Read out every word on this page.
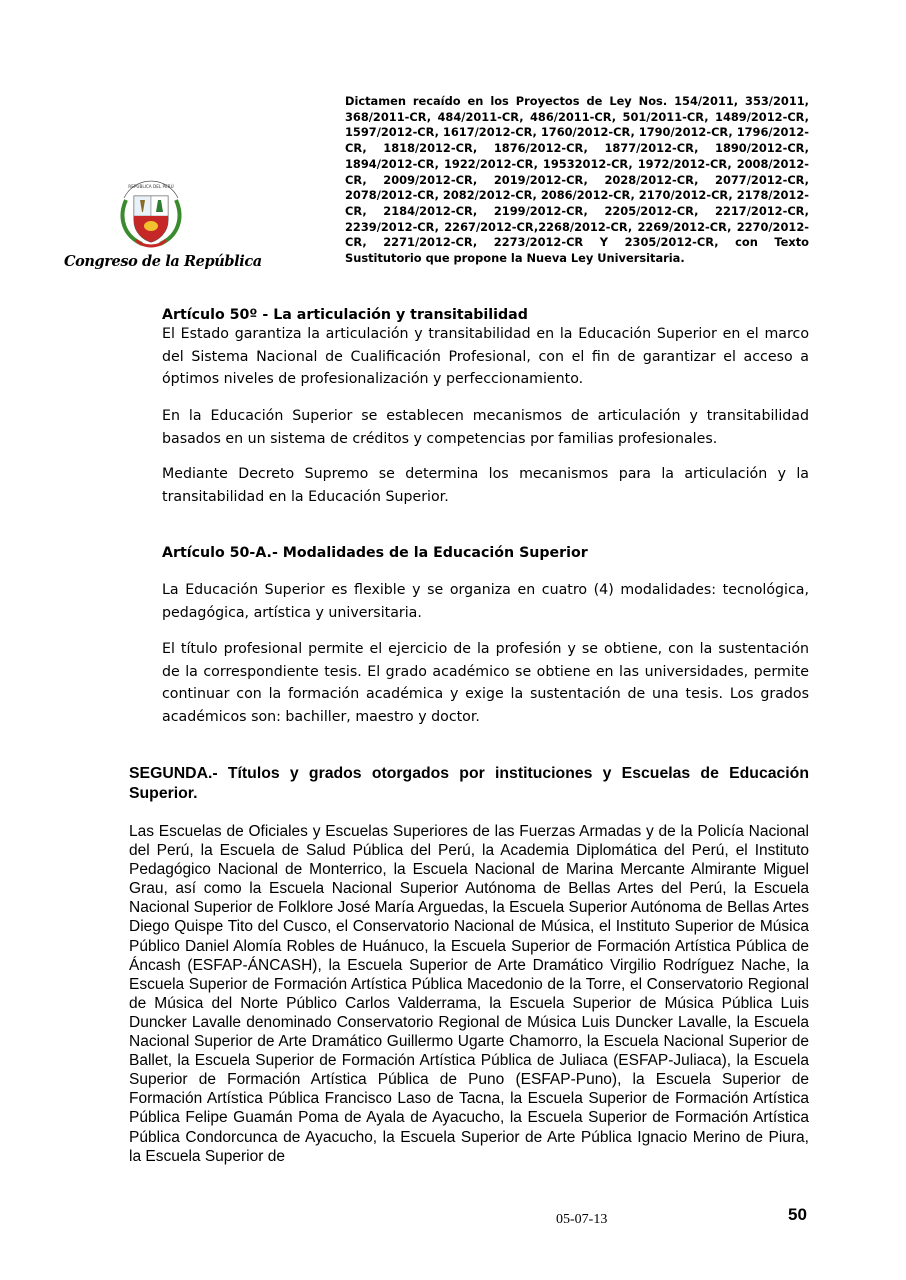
REPÚBLICA DEL PERÚ
Congreso de la República
Dictamen recaído en los Proyectos de Ley Nos. 154/2011, 353/2011, 368/2011-CR, 484/2011-CR, 486/2011-CR, 501/2011-CR, 1489/2012-CR, 1597/2012-CR, 1617/2012-CR, 1760/2012-CR, 1790/2012-CR, 1796/2012-CR, 1818/2012-CR, 1876/2012-CR, 1877/2012-CR, 1890/2012-CR, 1894/2012-CR, 1922/2012-CR, 19532012-CR, 1972/2012-CR, 2008/2012-CR, 2009/2012-CR, 2019/2012-CR, 2028/2012-CR, 2077/2012-CR, 2078/2012-CR, 2082/2012-CR, 2086/2012-CR, 2170/2012-CR, 2178/2012-CR, 2184/2012-CR, 2199/2012-CR, 2205/2012-CR, 2217/2012-CR, 2239/2012-CR, 2267/2012-CR,2268/2012-CR, 2269/2012-CR, 2270/2012-CR, 2271/2012-CR, 2273/2012-CR Y 2305/2012-CR, con Texto Sustitutorio que propone la Nueva Ley Universitaria.
Artículo 50º - La articulación y transitabilidad
El Estado garantiza la articulación y transitabilidad en la Educación Superior en el marco del Sistema Nacional de Cualificación Profesional, con el fin de garantizar el acceso a óptimos niveles de profesionalización y perfeccionamiento.
En la Educación Superior se establecen mecanismos de articulación y transitabilidad basados en un sistema de créditos y competencias por familias profesionales.
Mediante Decreto Supremo se determina los mecanismos para la articulación y la transitabilidad en la Educación Superior.
Artículo 50-A.- Modalidades de la Educación Superior
La Educación Superior es flexible y se organiza en cuatro (4) modalidades: tecnológica, pedagógica, artística y universitaria.
El título profesional permite el ejercicio de la profesión y se obtiene, con la sustentación de la correspondiente tesis. El grado académico se obtiene en las universidades, permite continuar con la formación académica y exige la sustentación de una tesis. Los grados académicos son: bachiller, maestro y doctor.
SEGUNDA.- Títulos y grados otorgados por instituciones y Escuelas de Educación Superior.
Las Escuelas de Oficiales y Escuelas Superiores de las Fuerzas Armadas y de la Policía Nacional del Perú, la Escuela de Salud Pública del Perú, la Academia Diplomática del Perú, el Instituto Pedagógico Nacional de Monterrico, la Escuela Nacional de Marina Mercante Almirante Miguel Grau, así como la Escuela Nacional Superior Autónoma de Bellas Artes del Perú, la Escuela Nacional Superior de Folklore José María Arguedas, la Escuela Superior Autónoma de Bellas Artes Diego Quispe Tito del Cusco, el Conservatorio Nacional de Música, el Instituto Superior de Música Público Daniel Alomía Robles de Huánuco, la Escuela Superior de Formación Artística Pública de Áncash (ESFAP-ÁNCASH), la Escuela Superior de Arte Dramático Virgilio Rodríguez Nache, la Escuela Superior de Formación Artística Pública Macedonio de la Torre, el Conservatorio Regional de Música del Norte Público Carlos Valderrama, la Escuela Superior de Música Pública Luis Duncker Lavalle denominado Conservatorio Regional de Música Luis Duncker Lavalle, la Escuela Nacional Superior de Arte Dramático Guillermo Ugarte Chamorro, la Escuela Nacional Superior de Ballet, la Escuela Superior de Formación Artística Pública de Juliaca (ESFAP-Juliaca), la Escuela Superior de Formación Artística Pública de Puno (ESFAP-Puno), la Escuela Superior de Formación Artística Pública Francisco Laso de Tacna, la Escuela Superior de Formación Artística Pública Felipe Guamán Poma de Ayala de Ayacucho, la Escuela Superior de Formación Artística Pública Condorcunca de Ayacucho, la Escuela Superior de Arte Pública Ignacio Merino de Piura, la Escuela Superior de
05-07-13	50
